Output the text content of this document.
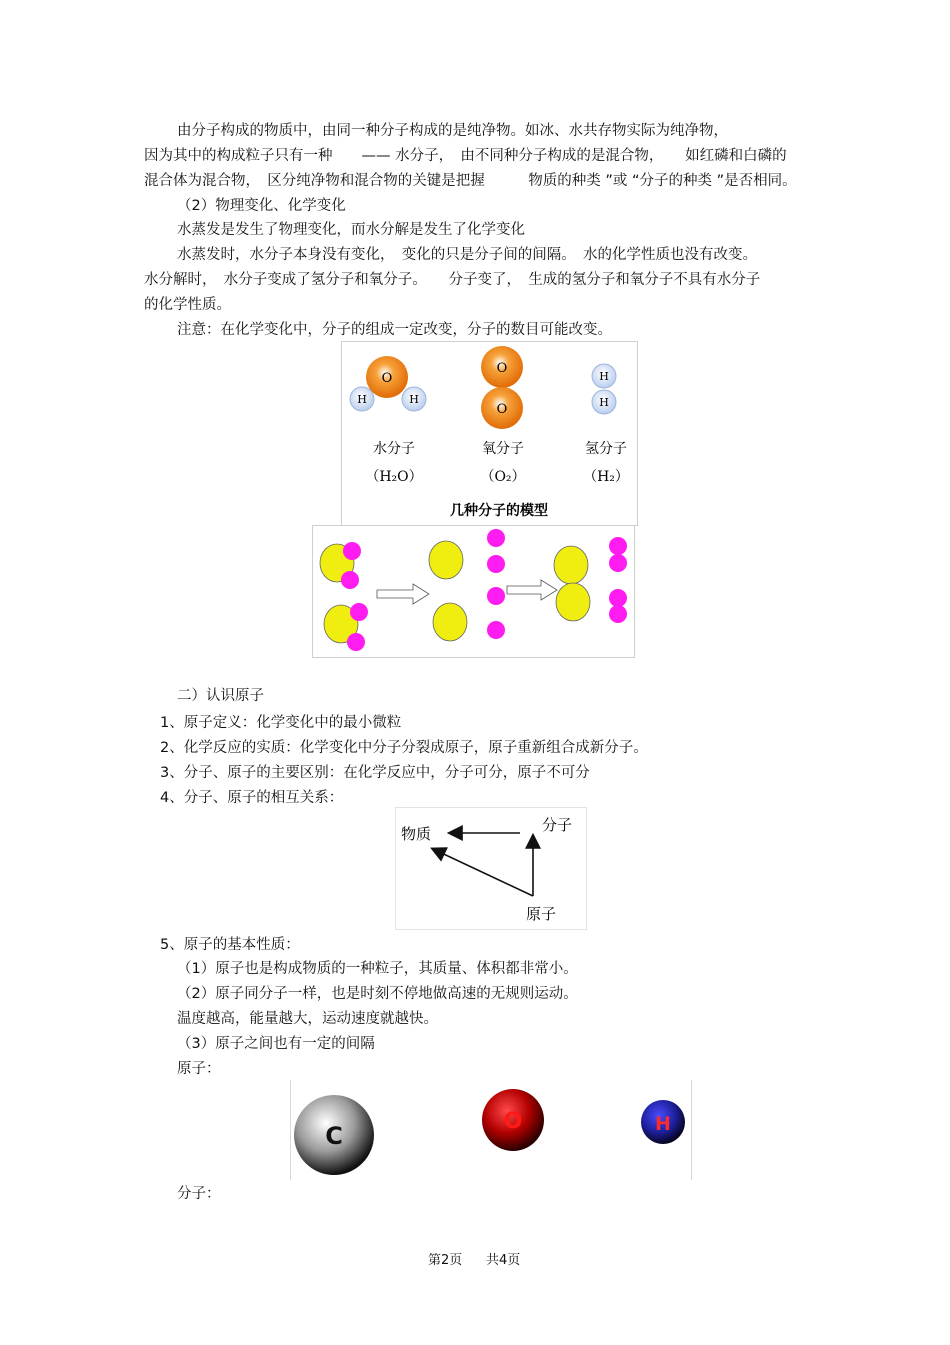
由分子构成的物质中，由同一种分子构成的是纯净物。如冰、水共存物实际为纯净物，
因为其中的构成粒子只有一种　　—— 水分子，　由不同种分子构成的是混合物，　　如红磷和白磷的
混合体为混合物，　区分纯净物和混合物的关键是把握　　　物质的种类 ”或 “分子的种类 ”是否相同。
（2）物理变化、化学变化
水蒸发是发生了物理变化，而水分解是发生了化学变化
水蒸发时，水分子本身没有变化，　变化的只是分子间的间隔。　水的化学性质也没有改变。
水分解时，　水分子变成了氢分子和氧分子。　　分子变了，　生成的氢分子和氧分子不具有水分子
的化学性质。
注意：在化学变化中，分子的组成一定改变，分子的数目可能改变。
O
H	H
O
O
H
H
水分子
（H₂O）
氧分子
（O₂）
氢分子
（H₂）
几种分子的模型
二）认识原子
1、原子定义：化学变化中的最小微粒
2、化学反应的实质：化学变化中分子分裂成原子，原子重新组合成新分子。
3、分子、原子的主要区别：在化学反应中，分子可分，原子不可分
4、分子、原子的相互关系：
物质	分子
原子
5、原子的基本性质：
（1）原子也是构成物质的一种粒子，其质量、体积都非常小。
（2）原子同分子一样，也是时刻不停地做高速的无规则运动。
温度越高，能量越大，运动速度就越快。
（3）原子之间也有一定的间隔
原子：
C
O	H
分子：
第2页 共4页
